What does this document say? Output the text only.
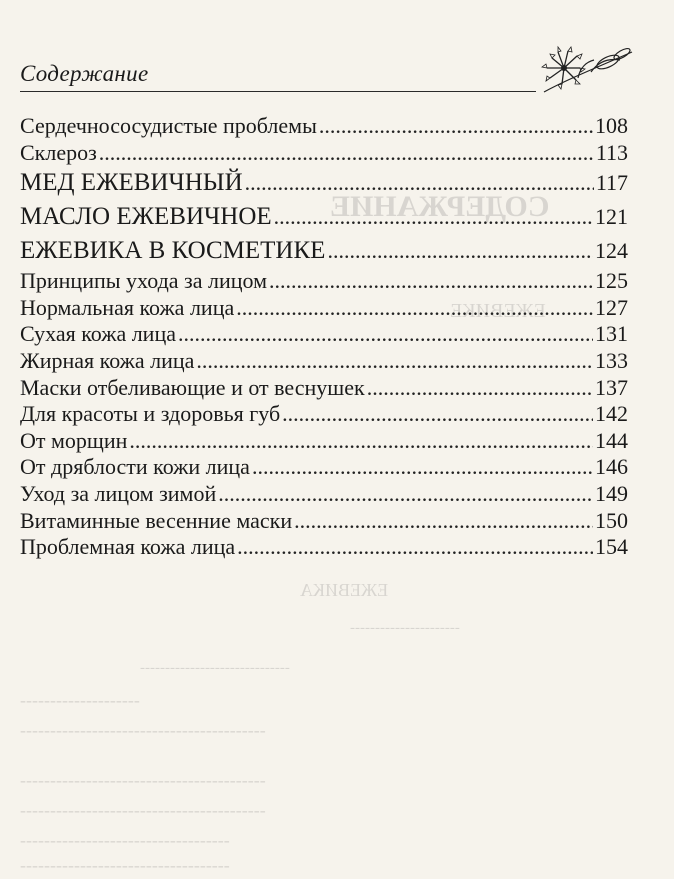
СОДЕРЖАНИЕ
ЕЖЕВИКЕ
ЕЖЕВИКА
----------------------
------------------------------
--------------------
-----------------------------------------
-----------------------------------------
-----------------------------------------
-----------------------------------
-----------------------------------
Содержание
Сердечнососудистые проблемы .....	108
Склероз .....	113
МЕД ЕЖЕВИЧНЫЙ .....	117
МАСЛО ЕЖЕВИЧНОЕ .....	121
ЕЖЕВИКА В КОСМЕТИКЕ .....	124
Принципы ухода за лицом .....	125
Нормальная кожа лица .....	127
Сухая кожа лица .....	131
Жирная кожа лица .....	133
Маски отбеливающие и от веснушек .....	137
Для красоты и здоровья губ .....	142
От морщин .....	144
От дряблости кожи лица .....	146
Уход за лицом зимой .....	149
Витаминные весенние маски .....	150
Проблемная кожа лица .....	154
